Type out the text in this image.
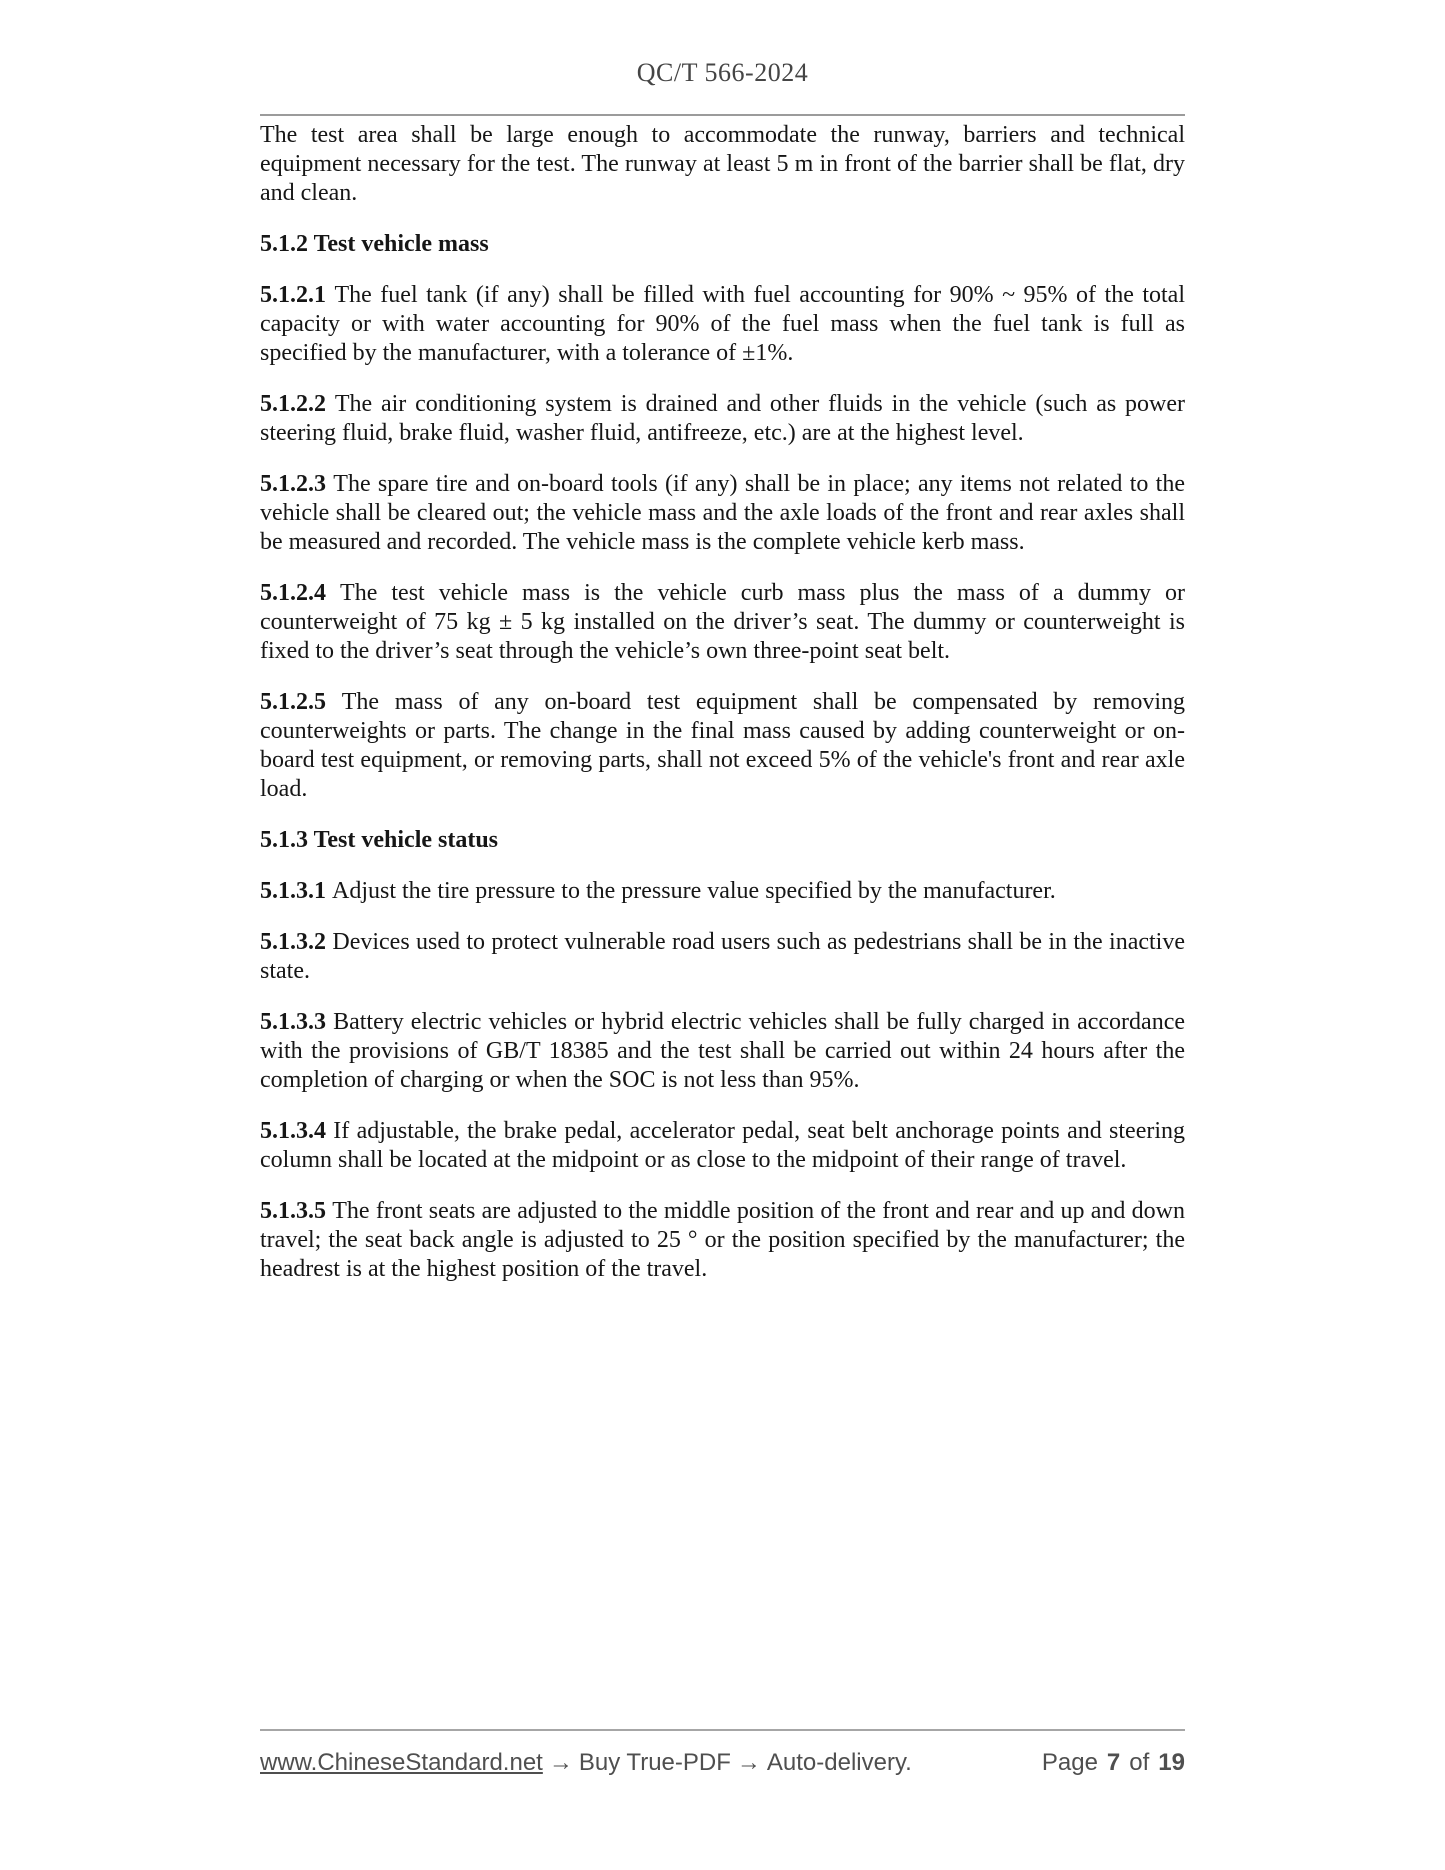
QC/T 566-2024

The test area shall be large enough to accommodate the runway, barriers and technical equipment necessary for the test. The runway at least 5 m in front of the barrier shall be flat, dry and clean.

5.1.2 Test vehicle mass

5.1.2.1 The fuel tank (if any) shall be filled with fuel accounting for 90% ~ 95% of the total capacity or with water accounting for 90% of the fuel mass when the fuel tank is full as specified by the manufacturer, with a tolerance of ±1%.

5.1.2.2 The air conditioning system is drained and other fluids in the vehicle (such as power steering fluid, brake fluid, washer fluid, antifreeze, etc.) are at the highest level.

5.1.2.3 The spare tire and on-board tools (if any) shall be in place; any items not related to the vehicle shall be cleared out; the vehicle mass and the axle loads of the front and rear axles shall be measured and recorded. The vehicle mass is the complete vehicle kerb mass.

5.1.2.4 The test vehicle mass is the vehicle curb mass plus the mass of a dummy or counterweight of 75 kg ± 5 kg installed on the driver’s seat. The dummy or counterweight is fixed to the driver’s seat through the vehicle’s own three-point seat belt.

5.1.2.5 The mass of any on-board test equipment shall be compensated by removing counterweights or parts. The change in the final mass caused by adding counterweight or on-board test equipment, or removing parts, shall not exceed 5% of the vehicle's front and rear axle load.

5.1.3 Test vehicle status

5.1.3.1 Adjust the tire pressure to the pressure value specified by the manufacturer.

5.1.3.2 Devices used to protect vulnerable road users such as pedestrians shall be in the inactive state.

5.1.3.3 Battery electric vehicles or hybrid electric vehicles shall be fully charged in accordance with the provisions of GB/T 18385 and the test shall be carried out within 24 hours after the completion of charging or when the SOC is not less than 95%.

5.1.3.4 If adjustable, the brake pedal, accelerator pedal, seat belt anchorage points and steering column shall be located at the midpoint or as close to the midpoint of their range of travel.

5.1.3.5 The front seats are adjusted to the middle position of the front and rear and up and down travel; the seat back angle is adjusted to 25 ° or the position specified by the manufacturer; the headrest is at the highest position of the travel.

www.ChineseStandard.net → Buy True-PDF → Auto-delivery.	Page 7 of 19
